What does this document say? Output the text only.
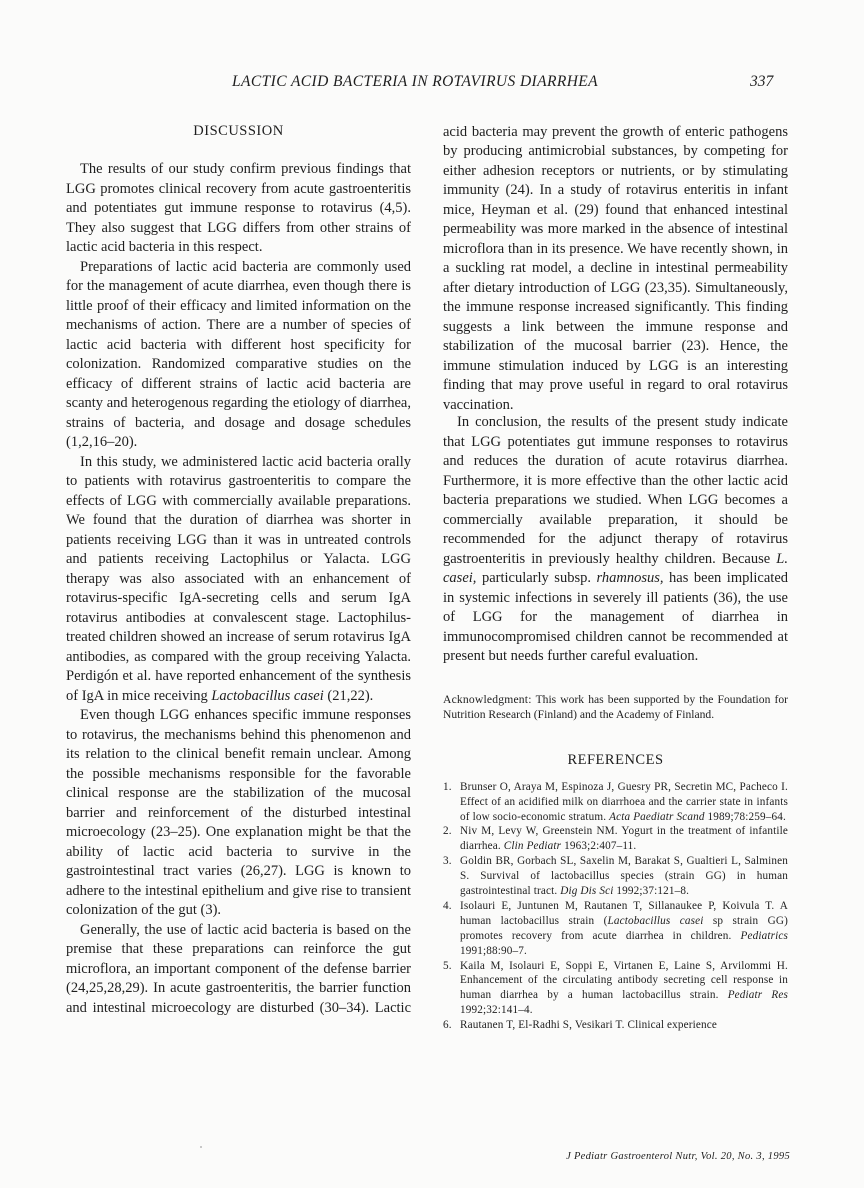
LACTIC ACID BACTERIA IN ROTAVIRUS DIARRHEA	337
DISCUSSION

The results of our study confirm previous findings that LGG promotes clinical recovery from acute gastroenteritis and potentiates gut immune response to rotavirus (4,5). They also suggest that LGG differs from other strains of lactic acid bacteria in this respect.

Preparations of lactic acid bacteria are commonly used for the management of acute diarrhea, even though there is little proof of their efficacy and limited information on the mechanisms of action. There are a number of species of lactic acid bacteria with different host specificity for colonization. Randomized comparative studies on the efficacy of different strains of lactic acid bacteria are scanty and heterogenous regarding the etiology of diarrhea, strains of bacteria, and dosage and dosage schedules (1,2,16–20).

In this study, we administered lactic acid bacteria orally to patients with rotavirus gastroenteritis to compare the effects of LGG with commercially available preparations. We found that the duration of diarrhea was shorter in patients receiving LGG than it was in untreated controls and patients receiving Lactophilus or Yalacta. LGG therapy was also associated with an enhancement of rotavirus-specific IgA-secreting cells and serum IgA rotavirus antibodies at convalescent stage. Lactophilus-treated children showed an increase of serum rotavirus IgA antibodies, as compared with the group receiving Yalacta. Perdigón et al. have reported enhancement of the synthesis of IgA in mice receiving Lactobacillus casei (21,22).

Even though LGG enhances specific immune responses to rotavirus, the mechanisms behind this phenomenon and its relation to the clinical benefit remain unclear. Among the possible mechanisms responsible for the favorable clinical response are the stabilization of the mucosal barrier and reinforcement of the disturbed intestinal microecology (23–25). One explanation might be that the ability of lactic acid bacteria to survive in the gastrointestinal tract varies (26,27). LGG is known to adhere to the intestinal epithelium and give rise to transient colonization of the gut (3).

Generally, the use of lactic acid bacteria is based on the premise that these preparations can reinforce the gut microflora, an important component of the defense barrier (24,25,28,29). In acute gastroenteritis, the barrier function and intestinal microecology are disturbed (30–34). Lactic

acid bacteria may prevent the growth of enteric pathogens by producing antimicrobial substances, by competing for either adhesion receptors or nutrients, or by stimulating immunity (24). In a study of rotavirus enteritis in infant mice, Heyman et al. (29) found that enhanced intestinal permeability was more marked in the absence of intestinal microflora than in its presence. We have recently shown, in a suckling rat model, a decline in intestinal permeability after dietary introduction of LGG (23,35). Simultaneously, the immune response increased significantly. This finding suggests a link between the immune response and stabilization of the mucosal barrier (23). Hence, the immune stimulation induced by LGG is an interesting finding that may prove useful in regard to oral rotavirus vaccination.

In conclusion, the results of the present study indicate that LGG potentiates gut immune responses to rotavirus and reduces the duration of acute rotavirus diarrhea. Furthermore, it is more effective than the other lactic acid bacteria preparations we studied. When LGG becomes a commercially available preparation, it should be recommended for the adjunct therapy of rotavirus gastroenteritis in previously healthy children. Because L. casei, particularly subsp. rhamnosus, has been implicated in systemic infections in severely ill patients (36), the use of LGG for the management of diarrhea in immunocompromised children cannot be recommended at present but needs further careful evaluation.

Acknowledgment: This work has been supported by the Foundation for Nutrition Research (Finland) and the Academy of Finland.
REFERENCES
1. Brunser O, Araya M, Espinoza J, Guesry PR, Secretin MC, Pacheco I. Effect of an acidified milk on diarrhoea and the carrier state in infants of low socio-economic stratum. Acta Paediatr Scand 1989;78:259–64.
2. Niv M, Levy W, Greenstein NM. Yogurt in the treatment of infantile diarrhea. Clin Pediatr 1963;2:407–11.
3. Goldin BR, Gorbach SL, Saxelin M, Barakat S, Gualtieri L, Salminen S. Survival of lactobacillus species (strain GG) in human gastrointestinal tract. Dig Dis Sci 1992;37:121–8.
4. Isolauri E, Juntunen M, Rautanen T, Sillanaukee P, Koivula T. A human lactobacillus strain (Lactobacillus casei sp strain GG) promotes recovery from acute diarrhea in children. Pediatrics 1991;88:90–7.
5. Kaila M, Isolauri E, Soppi E, Virtanen E, Laine S, Arvilommi H. Enhancement of the circulating antibody secreting cell response in human diarrhea by a human lactobacillus strain. Pediatr Res 1992;32:141–4.
6. Rautanen T, El-Radhi S, Vesikari T. Clinical experience
J Pediatr Gastroenterol Nutr, Vol. 20, No. 3, 1995
